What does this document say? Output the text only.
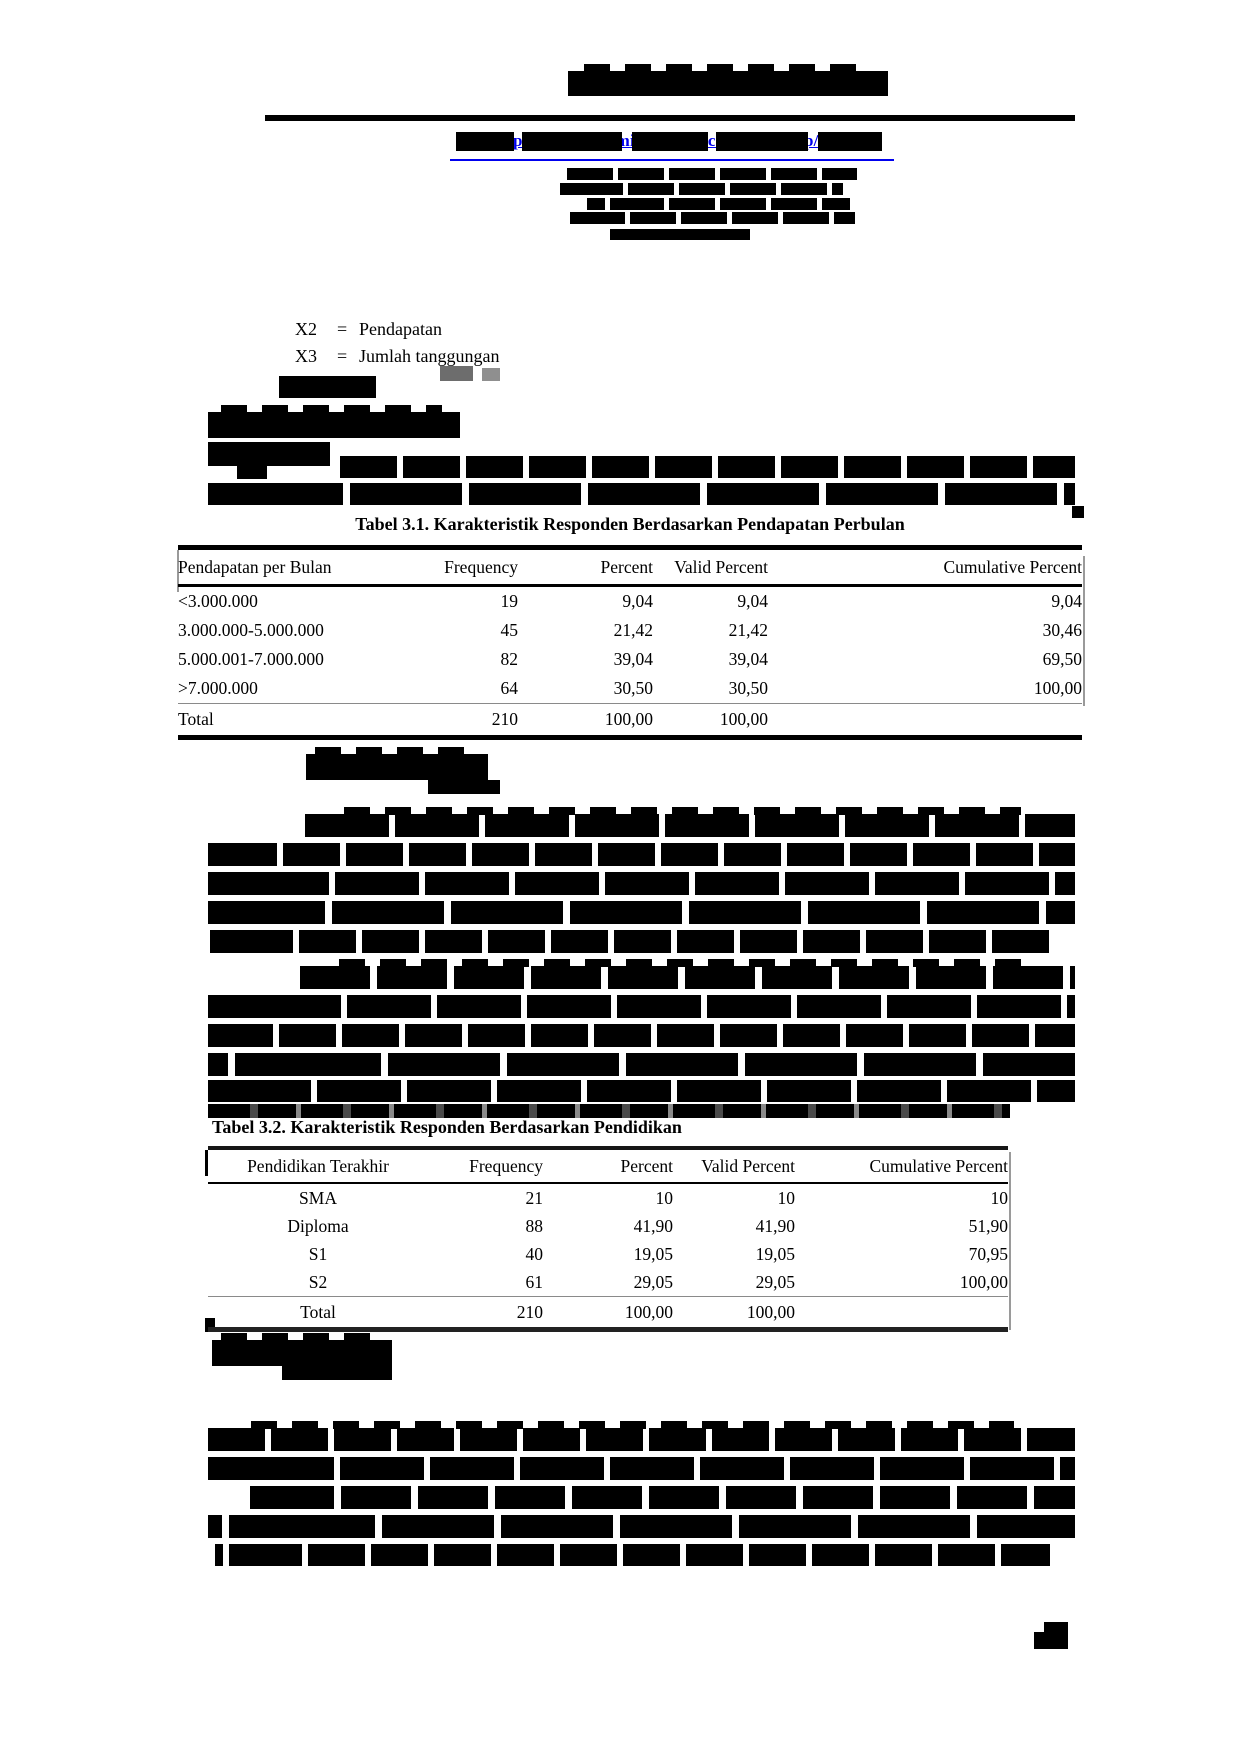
X2 = Pendapatan

X3 = Jumlah tanggungan

Tabel 3.1. Karakteristik Responden Berdasarkan Pendapatan Perbulan
Pendapatan per Bulan	Frequency	Percent	Valid Percent	Cumulative Percent
<3.000.000	19	9,04	9,04	9,04
3.000.000-5.000.000	45	21,42	21,42	30,46
5.000.001-7.000.000	82	39,04	39,04	69,50
>7.000.000	64	30,50	30,50	100,00
Total	210	100,00	100,00	
Tabel 3.2. Karakteristik Responden Berdasarkan Pendidikan
Pendidikan Terakhir	Frequency	Percent	Valid Percent	Cumulative Percent
SMA	21	10	10	10
Diploma	88	41,90	41,90	51,90
S1	40	19,05	19,05	70,95
S2	61	29,05	29,05	100,00
Total	210	100,00	100,00	
